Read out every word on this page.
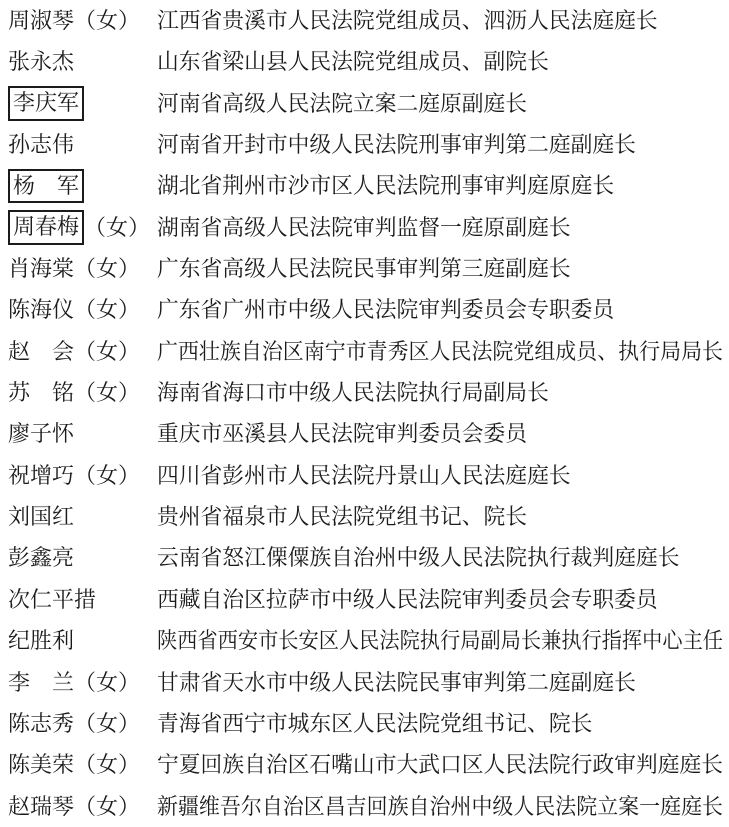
周淑琴 （女） 江西省贵溪市人民法院党组成员、泗沥人民法庭庭长
张永杰	山东省梁山县人民法院党组成员、副院长
李庆军	河南省高级人民法院立案二庭原副庭长
孙志伟	河南省开封市中级人民法院刑事审判第二庭副庭长
杨　军	湖北省荆州市沙市区人民法院刑事审判庭原庭长
周春梅 （女） 湖南省高级人民法院审判监督一庭原副庭长
肖海棠 （女） 广东省高级人民法院民事审判第三庭副庭长
陈海仪 （女） 广东省广州市中级人民法院审判委员会专职委员
赵　会 （女） 广西壮族自治区南宁市青秀区人民法院党组成员、执行局局长
苏　铭 （女） 海南省海口市中级人民法院执行局副局长
廖子怀	重庆市巫溪县人民法院审判委员会委员
祝增巧 （女） 四川省彭州市人民法院丹景山人民法庭庭长
刘国红	贵州省福泉市人民法院党组书记、院长
彭鑫亮	云南省怒江傈僳族自治州中级人民法院执行裁判庭庭长
次仁平措	西藏自治区拉萨市中级人民法院审判委员会专职委员
纪胜利	陕西省西安市长安区人民法院执行局副局长兼执行指挥中心主任
李　兰 （女） 甘肃省天水市中级人民法院民事审判第二庭副庭长
陈志秀 （女） 青海省西宁市城东区人民法院党组书记、院长
陈美荣 （女） 宁夏回族自治区石嘴山市大武口区人民法院行政审判庭庭长
赵瑞琴 （女） 新疆维吾尔自治区昌吉回族自治州中级人民法院立案一庭庭长
